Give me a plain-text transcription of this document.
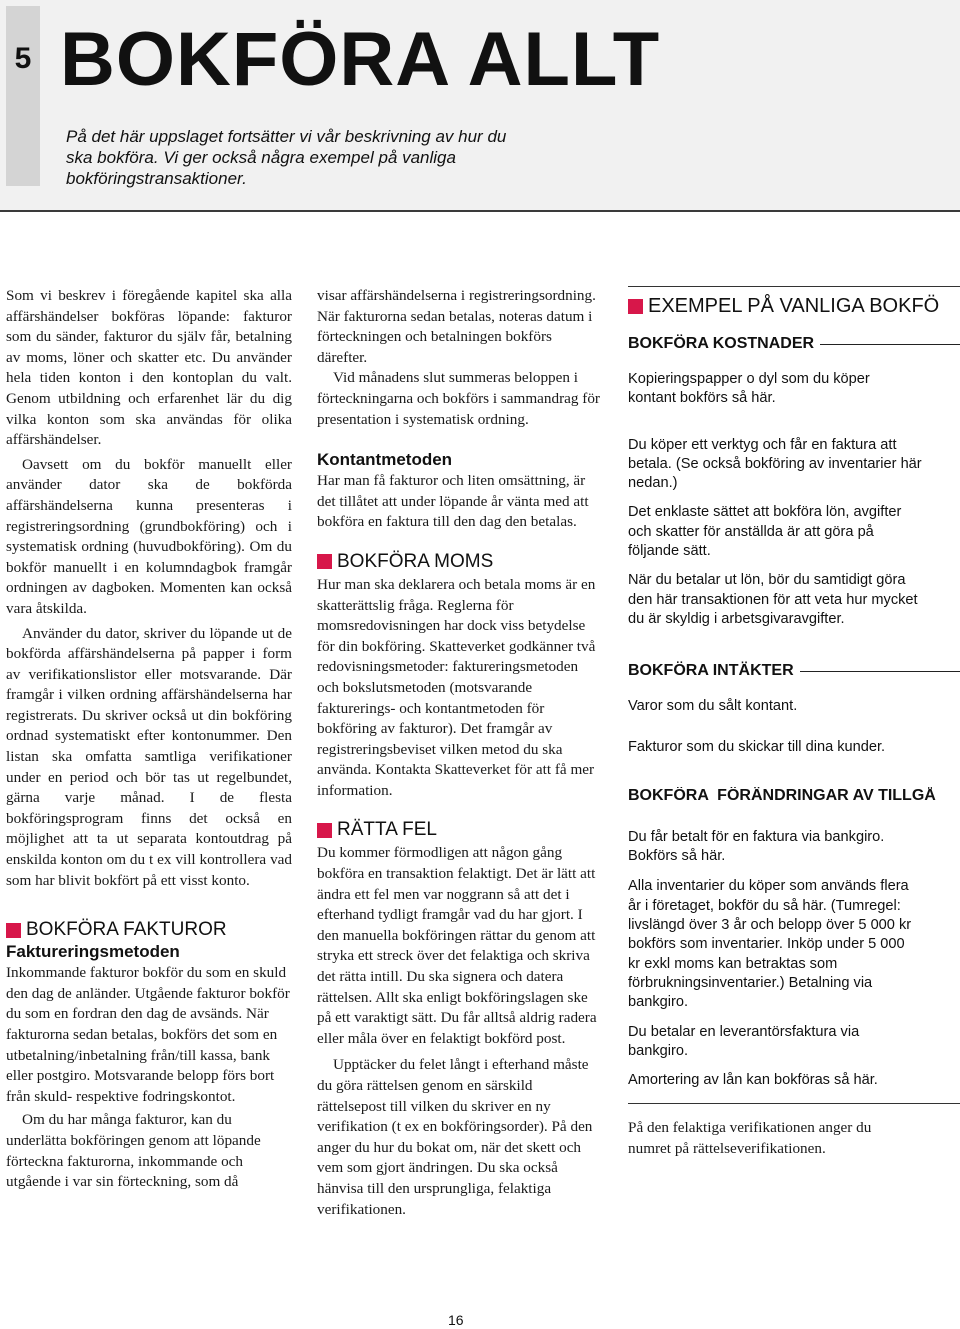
5 BOKFÖRA ALLT
På det här uppslaget fortsätter vi vår beskrivning av hur du ska bokföra. Vi ger också några exempel på vanliga bokföringstransaktioner.

Som vi beskrev i föregående kapitel ska alla affärshändelser bokföras löpande: fakturor som du sänder, fakturor du själv får, betalning av moms, löner och skatter etc. Du använder hela tiden konton i den kontoplan du valt. Genom utbildning och erfarenhet lär du dig vilka konton som ska användas för olika affärshändelser.

Oavsett om du bokför manuellt eller använder dator ska de bokförda affärshändelserna kunna presenteras i registreringsordning (grundbokföring) och i systematisk ordning (huvudbokföring). Om du bokför manuellt i en kolumndagbok framgår ordningen av dagboken. Momenten kan också vara åtskilda.

Använder du dator, skriver du löpande ut de bokförda affärshändelserna på papper i form av verifikationslistor eller motsvarande. Där framgår i vilken ordning affärshändelserna har registrerats. Du skriver också ut din bokföring ordnad systematiskt efter kontonummer. Den listan ska omfatta samtliga verifikationer under en period och bör tas ut regelbundet, gärna varje månad. I de flesta bokföringsprogram finns det också en möjlighet att ta ut separata kontoutdrag på enskilda konton om du t ex vill kontrollera vad som har blivit bokfört på ett visst konto.

BOKFÖRA FAKTUROR

Faktureringsmetoden

Inkommande fakturor bokför du som en skuld den dag de anländer. Utgående fakturor bokför du som en fordran den dag de avsänds. När fakturorna sedan betalas, bokförs det som en utbetalning/inbetalning från/till kassa, bank eller postgiro. Motsvarande belopp förs bort från skuld- respektive fodringskontot.

Om du har många fakturor, kan du underlätta bokföringen genom att löpande förteckna fakturorna, inkommande och utgående i var sin förteckning, som då

visar affärshändelserna i registreringsordning. När fakturorna sedan betalas, noteras datum i förteckningen och betalningen bokförs därefter.

Vid månadens slut summeras beloppen i förteckningarna och bokförs i sammandrag för presentation i systematisk ordning.

Kontantmetoden

Har man få fakturor och liten omsättning, är det tillåtet att under löpande år vänta med att bokföra en faktura till den dag den betalas.

BOKFÖRA MOMS

Hur man ska deklarera och betala moms är en skatterättslig fråga. Reglerna för momsredovisningen har dock viss betydelse för din bokföring. Skatteverket godkänner två redovisningsmetoder: faktureringsmetoden och bokslutsmetoden (motsvarande fakturerings- och kontantmetoden för bokföring av fakturor). Det framgår av registreringsbeviset vilken metod du ska använda. Kontakta Skatteverket för att få mer information.

RÄTTA FEL

Du kommer förmodligen att någon gång bokföra en transaktion felaktigt. Det är lätt att ändra ett fel men var noggrann så att det i efterhand tydligt framgår vad du har gjort. I den manuella bokföringen rättar du genom att stryka ett streck över det felaktiga och skriva det rätta intill. Du ska signera och datera rättelsen. Allt ska enligt bokföringslagen ske på ett varaktigt sätt. Du får alltså aldrig radera eller måla över en felaktigt bokförd post.

Upptäcker du felet långt i efterhand måste du göra rättelsen genom en särskild rättelsepost till vilken du skriver en ny verifikation (t ex en bokföringsorder). På den anger du hur du bokat om, när det skett och vem som gjort ändringen. Du ska också hänvisa till den ursprungliga, felaktiga verifikationen.

EXEMPEL PÅ VANLIGA BOKFÖ
BOKFÖRA KOSTNADER

Kopieringspapper o dyl som du köper kontant bokförs så här.

Du köper ett verktyg och får en faktura att betala. (Se också bokföring av inventarier här nedan.)

Det enklaste sättet att bokföra lön, avgifter och skatter för anställda är att göra på följande sätt.

När du betalar ut lön, bör du samtidigt göra den här transaktionen för att veta hur mycket du är skyldig i arbetsgivaravgifter.

BOKFÖRA INTÄKTER

Varor som du sålt kontant.

Fakturor som du skickar till dina kunder.

BOKFÖRA  FÖRÄNDRINGAR AV TILLGÅ

Du får betalt för en faktura via bankgiro. Bokförs så här.

Alla inventarier du köper som används flera år i företaget, bokför du så här. (Tumregel: livslängd över 3 år och belopp över 5 000 kr bokförs som inventarier. Inköp under 5 000 kr exkl moms kan betraktas som förbrukningsinventarier.) Betalning via bankgiro.

Du betalar en leverantörsfaktura via bankgiro.

Amortering av lån kan bokföras så här.

På den felaktiga verifikationen anger du numret på rättelseverifikationen.

16
